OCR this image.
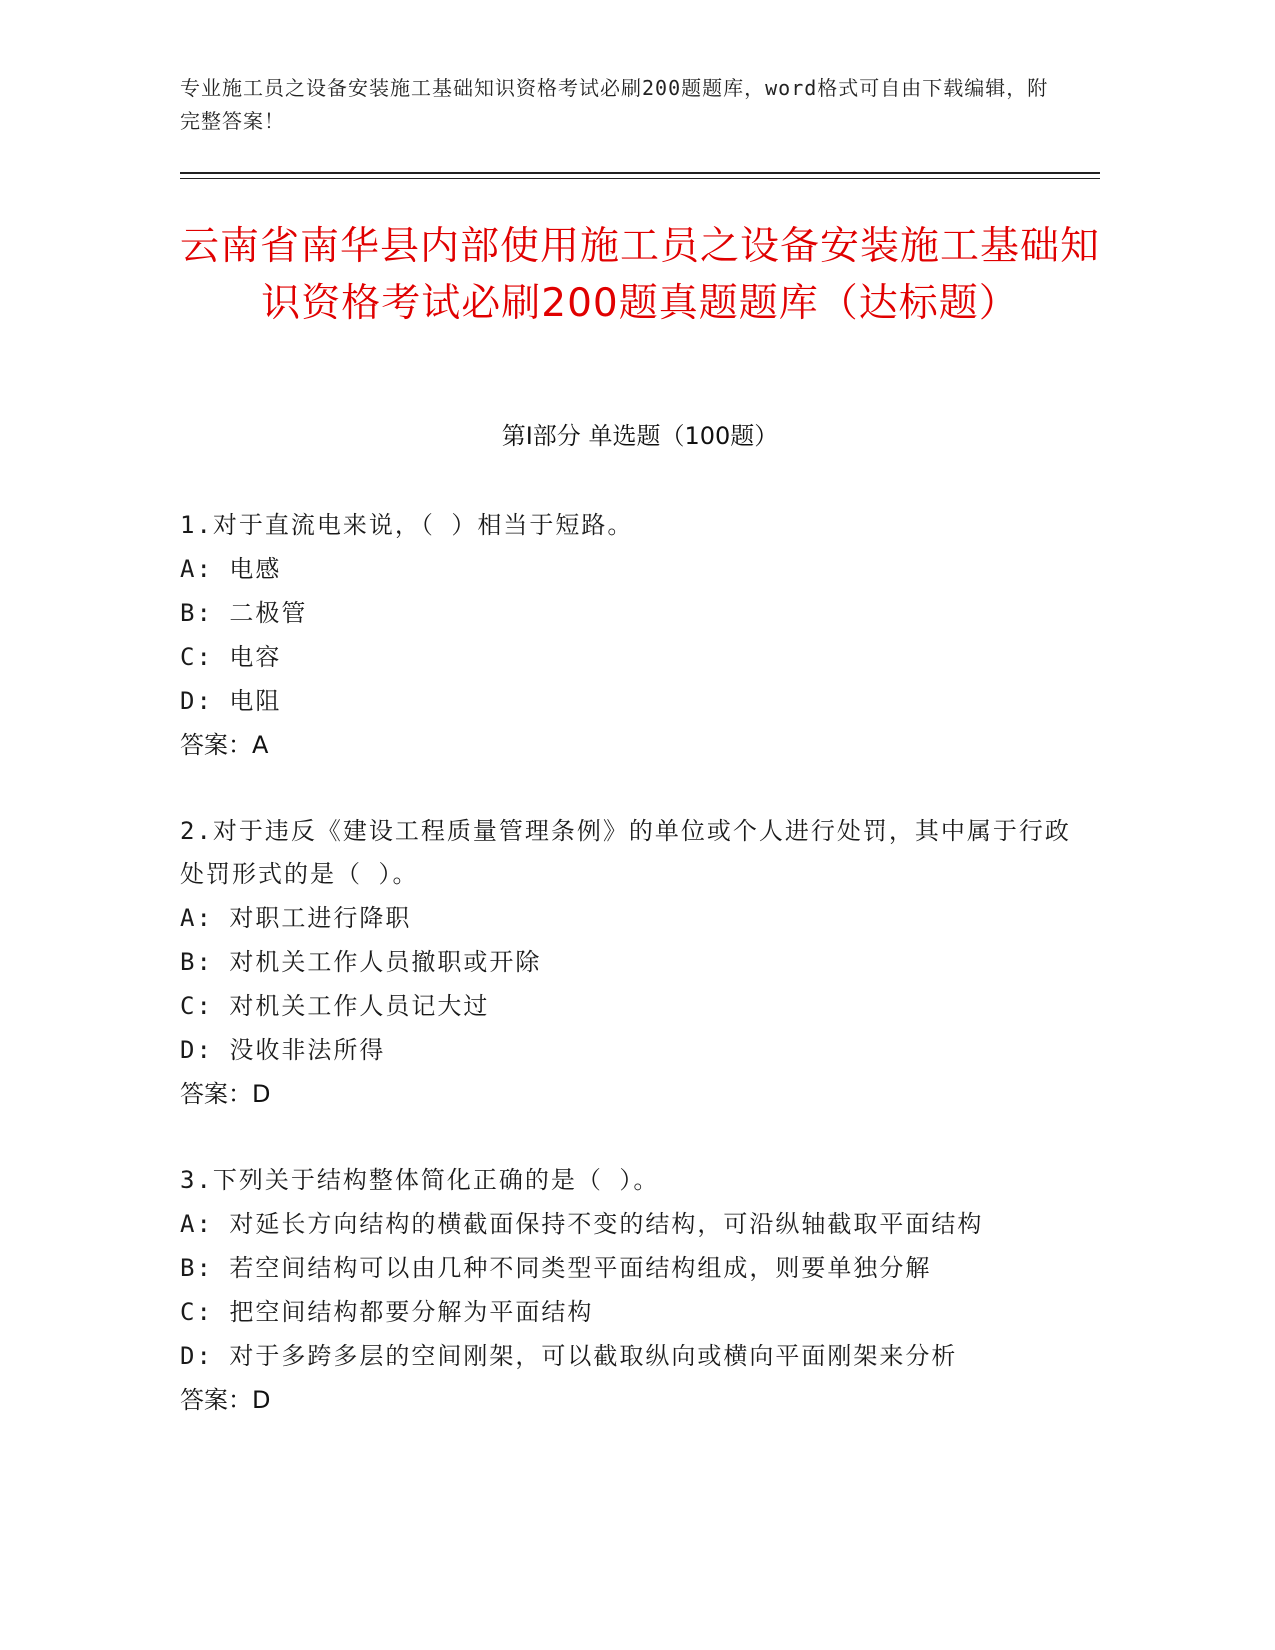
专业施工员之设备安装施工基础知识资格考试必刷200题题库，word格式可自由下载编辑，附完整答案！
云南省南华县内部使用施工员之设备安装施工基础知识资格考试必刷200题真题题库（达标题）
第I部分 单选题（100题）
1.对于直流电来说，（ ）相当于短路。
A: 电感
B: 二极管
C: 电容
D: 电阻
答案：A
2.对于违反《建设工程质量管理条例》的单位或个人进行处罚，其中属于行政处罚形式的是（ ）。
A: 对职工进行降职
B: 对机关工作人员撤职或开除
C: 对机关工作人员记大过
D: 没收非法所得
答案：D
3.下列关于结构整体简化正确的是（ ）。
A: 对延长方向结构的横截面保持不变的结构，可沿纵轴截取平面结构
B: 若空间结构可以由几种不同类型平面结构组成，则要单独分解
C: 把空间结构都要分解为平面结构
D: 对于多跨多层的空间刚架，可以截取纵向或横向平面刚架来分析
答案：D
